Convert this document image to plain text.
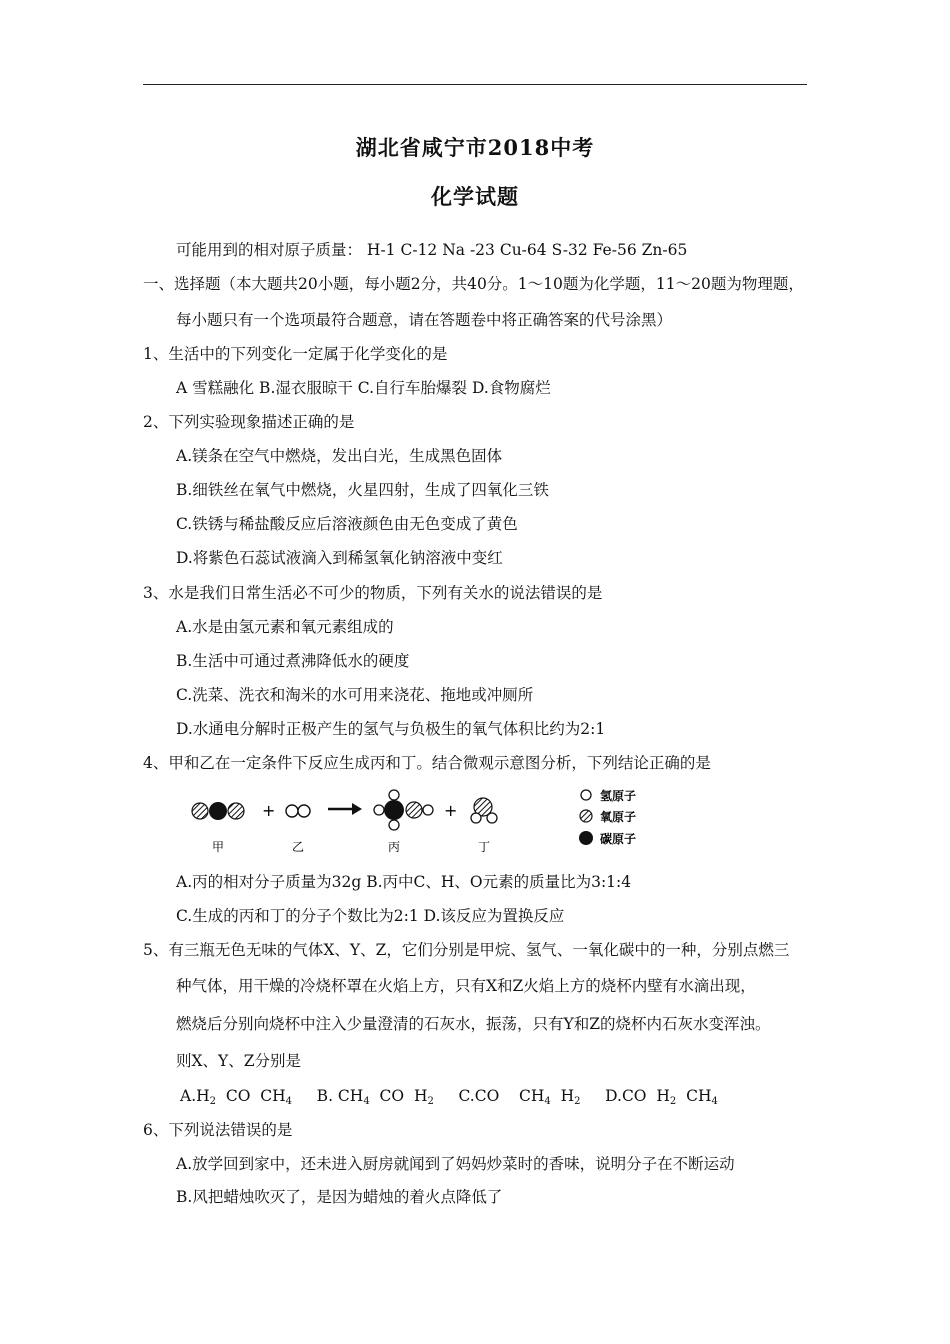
湖北省咸宁市2018中考
化学试题
可能用到的相对原子质量： H-1 C-12 Na -23 Cu-64 S-32 Fe-56 Zn-65
一、选择题（本大题共20小题，每小题2分，共40分。1～10题为化学题，11～20题为物理题，
每小题只有一个选项最符合题意，请在答题卷中将正确答案的代号涂黑）
1、生活中的下列变化一定属于化学变化的是
A 雪糕融化 B.湿衣服晾干 C.自行车胎爆裂 D.食物腐烂
2、下列实验现象描述正确的是
A.镁条在空气中燃烧，发出白光，生成黑色固体
B.细铁丝在氧气中燃烧，火星四射，生成了四氧化三铁
C.铁锈与稀盐酸反应后溶液颜色由无色变成了黄色
D.将紫色石蕊试液滴入到稀氢氧化钠溶液中变红
3、水是我们日常生活必不可少的物质，下列有关水的说法错误的是
A.水是由氢元素和氧元素组成的
B.生活中可通过煮沸降低水的硬度
C.洗菜、洗衣和淘米的水可用来浇花、拖地或冲厕所
D.水通电分解时正极产生的氢气与负极生的氧气体积比约为2:1
4、甲和乙在一定条件下反应生成丙和丁。结合微观示意图分析，下列结论正确的是
+	+
甲	乙	丙	丁
氢原子
氧原子
碳原子
A.丙的相对分子质量为32g B.丙中C、H、O元素的质量比为3:1:4
C.生成的丙和丁的分子个数比为2:1 D.该反应为置换反应
5、有三瓶无色无味的气体X、Y、Z，它们分别是甲烷、氢气、一氧化碳中的一种，分别点燃三
种气体，用干燥的冷烧杯罩在火焰上方，只有X和Z火焰上方的烧杯内壁有水滴出现，
燃烧后分别向烧杯中注入少量澄清的石灰水，振荡，只有Y和Z的烧杯内石灰水变浑浊。
则X、Y、Z分别是
$A.H_2$  CO  $CH_4$     B. $CH_4$  CO  $H_2$     C.CO    $CH_4$  $H_2$     D.CO  $H_2$  $CH_4$
6、下列说法错误的是
A.放学回到家中，还未进入厨房就闻到了妈妈炒菜时的香味，说明分子在不断运动
B.风把蜡烛吹灭了，是因为蜡烛的着火点降低了
